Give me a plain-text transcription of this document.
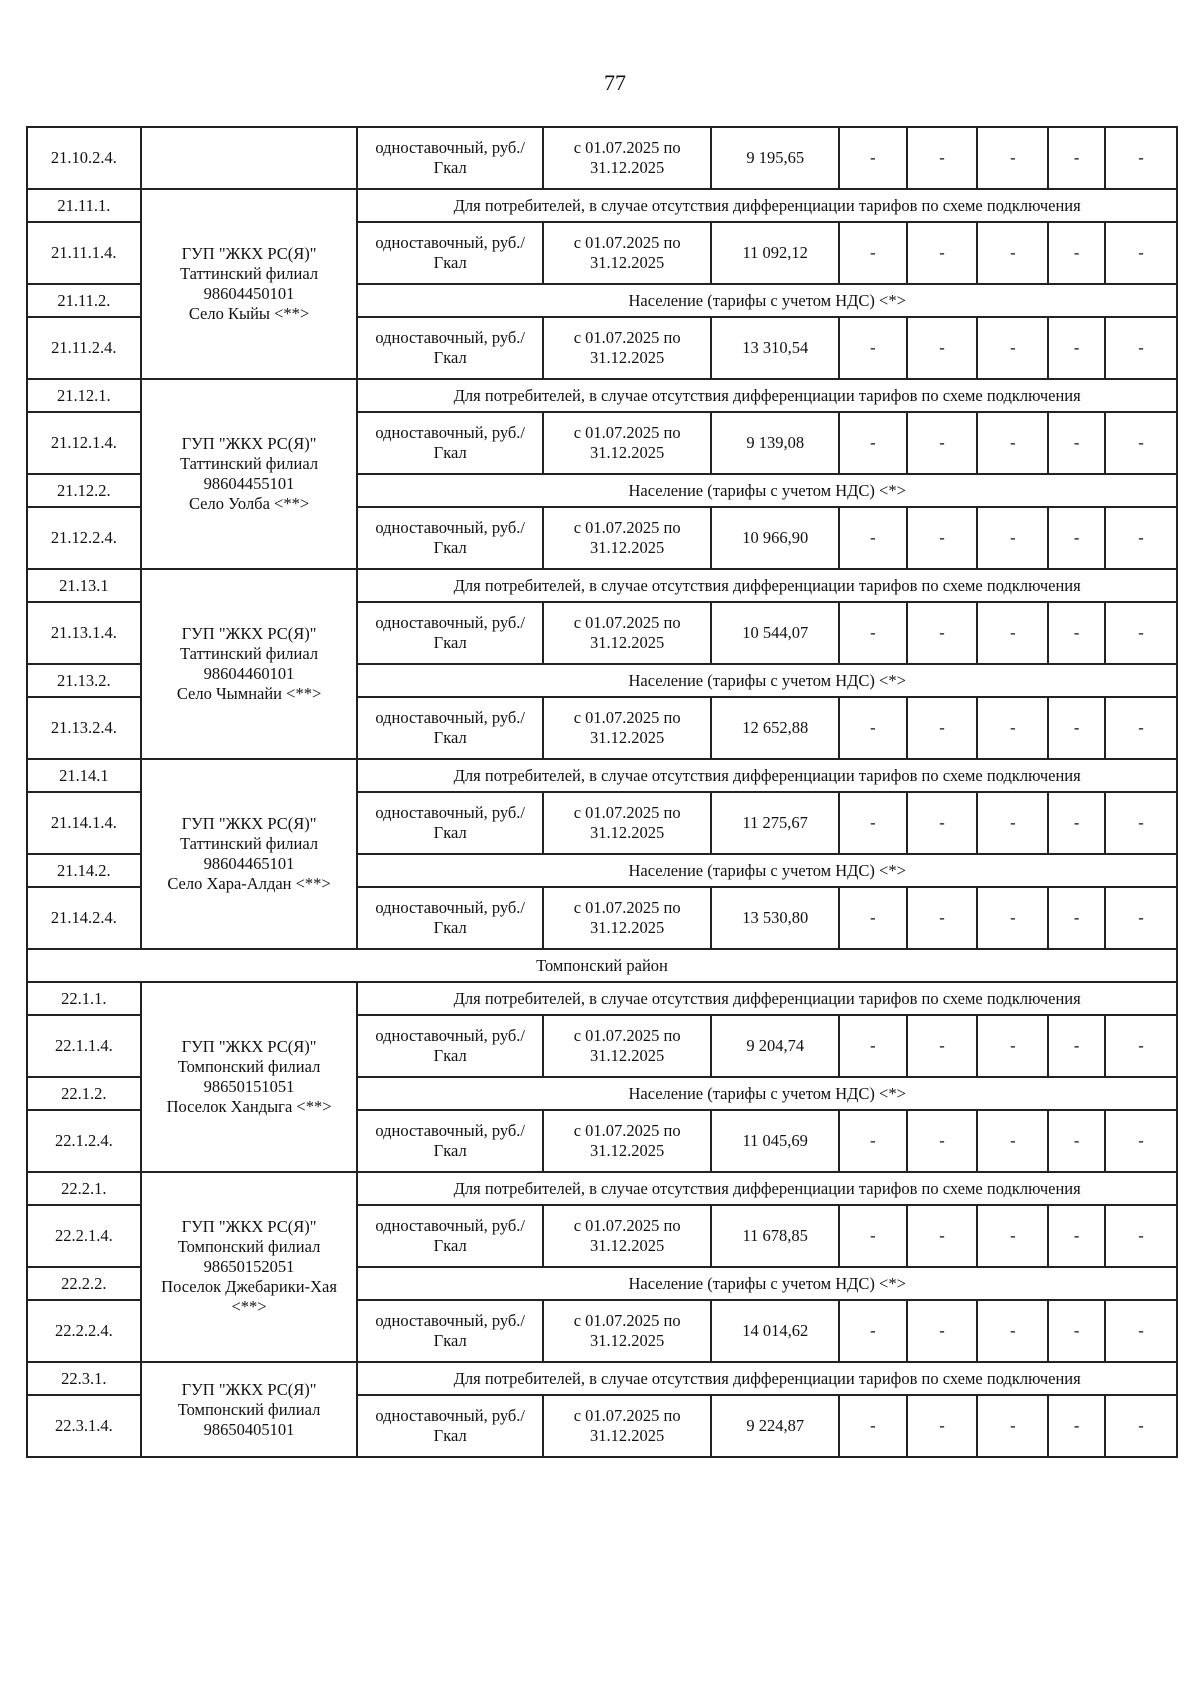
77
21.10.2.4.		одноставочный, руб./Гкал	с 01.07.2025 по 31.12.2025	9 195,65	-	-	-	-	-
21.11.1.	ГУП "ЖКХ РС(Я)"
Таттинский филиал
98604450101
Село Кыйы <**>	Для потребителей, в случае отсутствия дифференциации тарифов по схеме подключения							
21.11.1.4.		одноставочный, руб./Гкал	с 01.07.2025 по 31.12.2025	11 092,12	-	-	-	-	-
21.11.2.		Население (тарифы с учетом НДС) <*>							
21.11.2.4.		одноставочный, руб./Гкал	с 01.07.2025 по 31.12.2025	13 310,54	-	-	-	-	-
21.12.1.	ГУП "ЖКХ РС(Я)"
Таттинский филиал
98604455101
Село Уолба <**>	Для потребителей, в случае отсутствия дифференциации тарифов по схеме подключения							
21.12.1.4.		одноставочный, руб./Гкал	с 01.07.2025 по 31.12.2025	9 139,08	-	-	-	-	-
21.12.2.		Население (тарифы с учетом НДС) <*>							
21.12.2.4.		одноставочный, руб./Гкал	с 01.07.2025 по 31.12.2025	10 966,90	-	-	-	-	-
21.13.1	ГУП "ЖКХ РС(Я)"
Таттинский филиал
98604460101
Село Чымнайи <**>	Для потребителей, в случае отсутствия дифференциации тарифов по схеме подключения							
21.13.1.4.		одноставочный, руб./Гкал	с 01.07.2025 по 31.12.2025	10 544,07	-	-	-	-	-
21.13.2.		Население (тарифы с учетом НДС) <*>							
21.13.2.4.		одноставочный, руб./Гкал	с 01.07.2025 по 31.12.2025	12 652,88	-	-	-	-	-
21.14.1	ГУП "ЖКХ РС(Я)"
Таттинский филиал
98604465101
Село Хара-Алдан <**>	Для потребителей, в случае отсутствия дифференциации тарифов по схеме подключения							
21.14.1.4.		одноставочный, руб./Гкал	с 01.07.2025 по 31.12.2025	11 275,67	-	-	-	-	-
21.14.2.		Население (тарифы с учетом НДС) <*>							
21.14.2.4.		одноставочный, руб./Гкал	с 01.07.2025 по 31.12.2025	13 530,80	-	-	-	-	-
Томпонский район									
22.1.1.	ГУП "ЖКХ РС(Я)"
Томпонский филиал
98650151051
Поселок Хандыга <**>	Для потребителей, в случае отсутствия дифференциации тарифов по схеме подключения							
22.1.1.4.		одноставочный, руб./Гкал	с 01.07.2025 по 31.12.2025	9 204,74	-	-	-	-	-
22.1.2.		Население (тарифы с учетом НДС) <*>							
22.1.2.4.		одноставочный, руб./Гкал	с 01.07.2025 по 31.12.2025	11 045,69	-	-	-	-	-
22.2.1.	ГУП "ЖКХ РС(Я)"
Томпонский филиал
98650152051
Поселок Джебарики-Хая <**>	Для потребителей, в случае отсутствия дифференциации тарифов по схеме подключения							
22.2.1.4.		одноставочный, руб./Гкал	с 01.07.2025 по 31.12.2025	11 678,85	-	-	-	-	-
22.2.2.		Население (тарифы с учетом НДС) <*>							
22.2.2.4.		одноставочный, руб./Гкал	с 01.07.2025 по 31.12.2025	14 014,62	-	-	-	-	-
22.3.1.	ГУП "ЖКХ РС(Я)"
Томпонский филиал
98650405101	Для потребителей, в случае отсутствия дифференциации тарифов по схеме подключения							
22.3.1.4.		одноставочный, руб./Гкал	с 01.07.2025 по 31.12.2025	9 224,87	-	-	-	-	-
